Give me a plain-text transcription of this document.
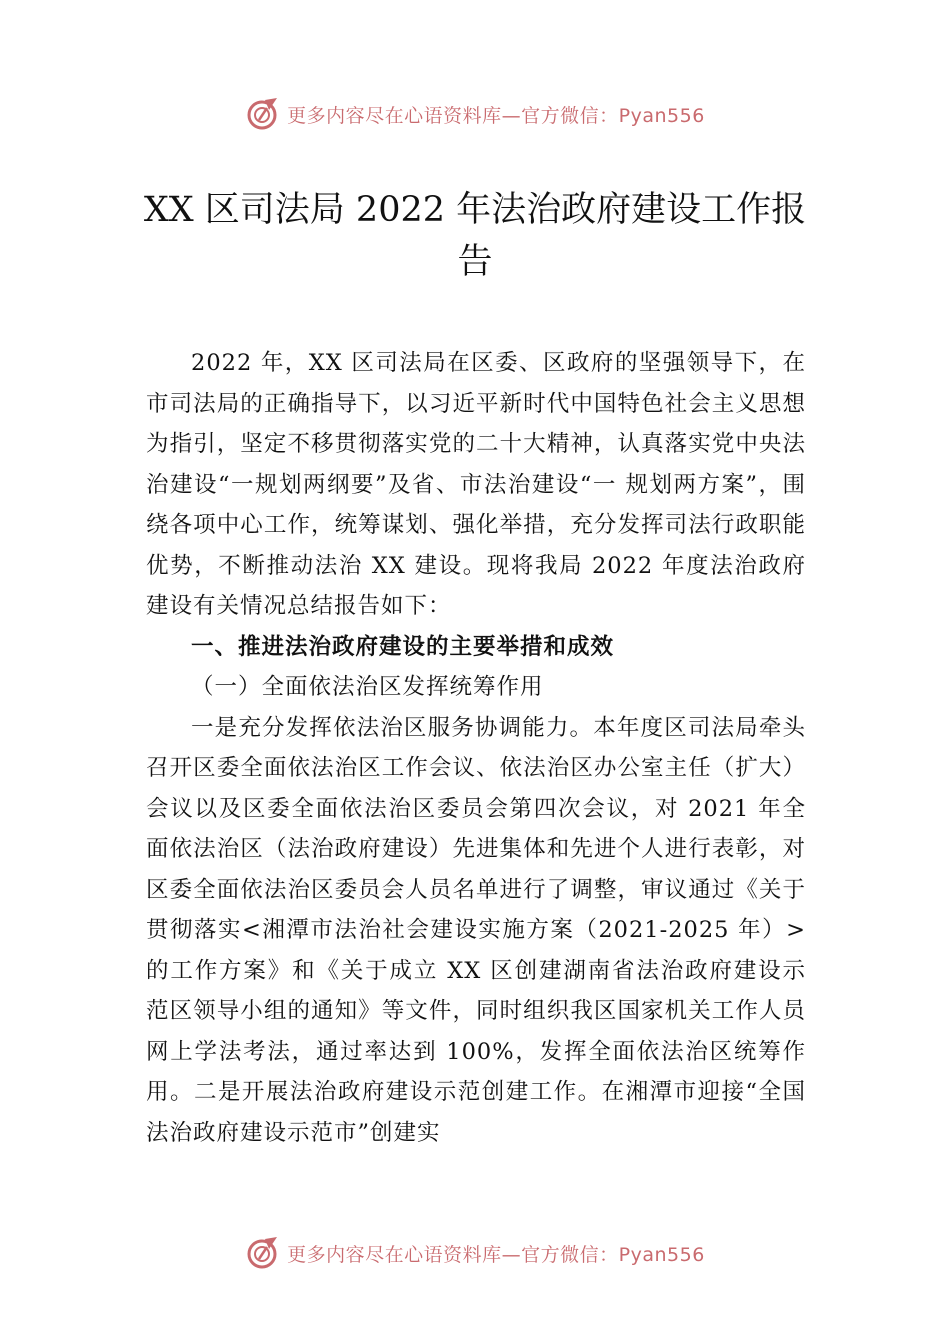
更多内容尽在心语资料库—官方微信：Pyan556
XX 区司法局 2022 年法治政府建设工作报
告

2022 年，XX 区司法局在区委、区政府的坚强领导下，在市司法局的正确指导下，以习近平新时代中国特色社会主义思想为指引，坚定不移贯彻落实党的二十大精神，认真落实党中央法治建设“一规划两纲要”及省、市法治建设“一 规划两方案”，围绕各项中心工作，统筹谋划、强化举措，充分发挥司法行政职能优势，不断推动法治 XX 建设。现将我局 2022 年度法治政府建设有关情况总结报告如下：

一、推进法治政府建设的主要举措和成效

（一）全面依法治区发挥统筹作用

一是充分发挥依法治区服务协调能力。本年度区司法局牵头召开区委全面依法治区工作会议、依法治区办公室主任（扩大）会议以及区委全面依法治区委员会第四次会议，对 2021 年全面依法治区（法治政府建设）先进集体和先进个人进行表彰，对区委全面依法治区委员会人员名单进行了调整，审议通过《关于贯彻落实<湘潭市法治社会建设实施方案（2021-2025 年）>的工作方案》和《关于成立 XX 区创建湖南省法治政府建设示范区领导小组的通知》等文件，同时组织我区国家机关工作人员网上学法考法，通过率达到 100%，发挥全面依法治区统筹作用。二是开展法治政府建设示范创建工作。在湘潭市迎接“全国法治政府建设示范市”创建实

更多内容尽在心语资料库—官方微信：Pyan556
